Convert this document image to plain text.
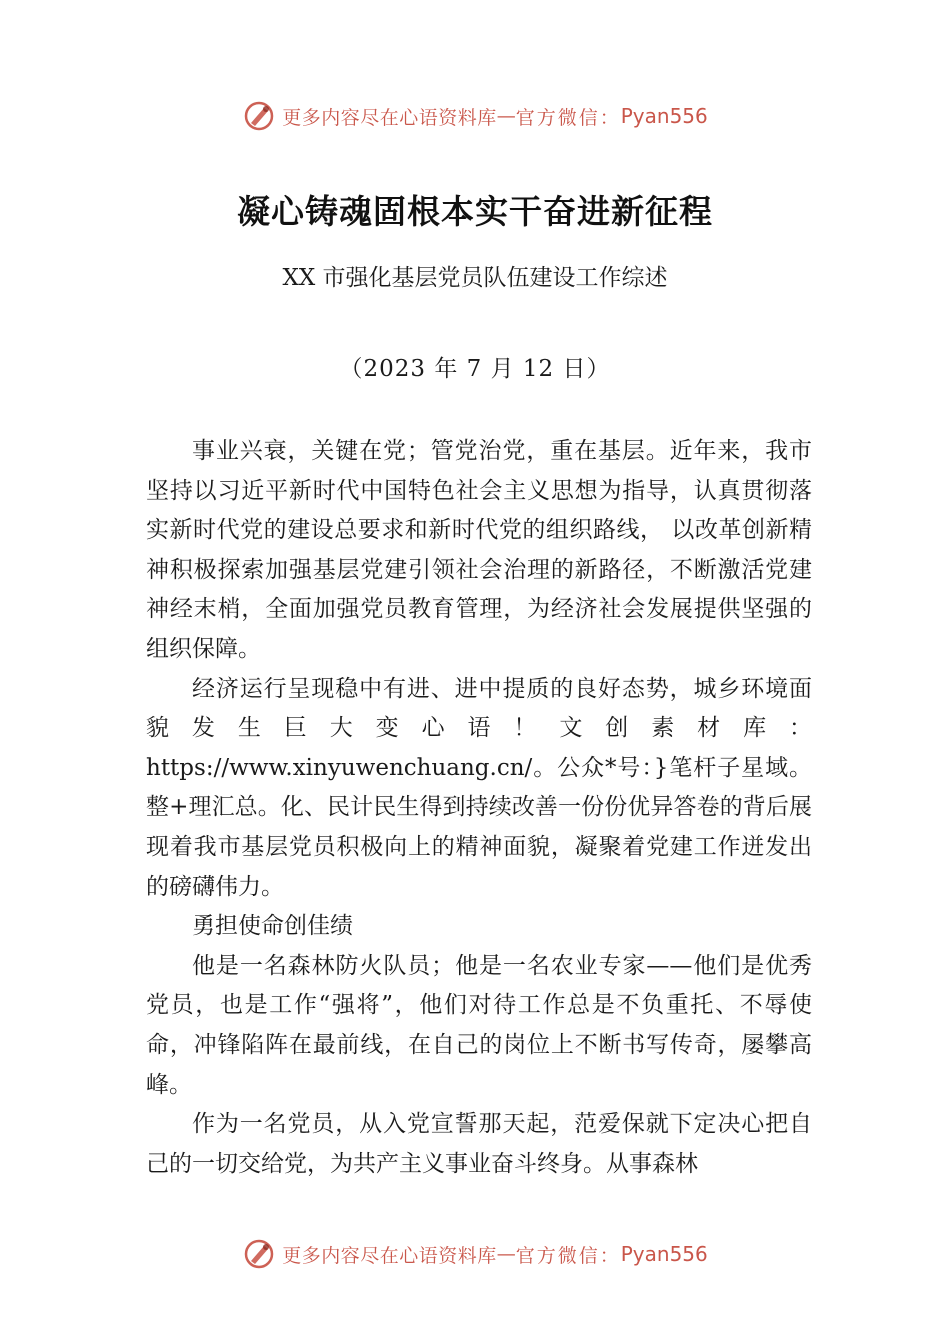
更多内容尽在心语资料库 — 官方微信： Pyan556
凝心铸魂固根本实干奋进新征程
XX 市强化基层党员队伍建设工作综述
（2023 年 7 月 12 日）

事业兴衰，关键在党；管党治党，重在基层。近年来，我市坚持以习近平新时代中国特色社会主义思想为指导，认真贯彻落实新时代党的建设总要求和新时代党的组织路线， 以改革创新精神积极探索加强基层党建引领社会治理的新路径，不断激活党建神经末梢，全面加强党员教育管理，为经济社会发展提供坚强的组织保障。

经济运行呈现稳中有进、进中提质的良好态势，城乡环境面貌发生巨大变心语！文创素材库：https://www.xinyuwenchuang.cn/。公众*号：}笔杆子星域。整+理汇总。化、民计民生得到持续改善一份份优异答卷的背后展现着我市基层党员积极向上的精神面貌，凝聚着党建工作迸发出的磅礴伟力。

勇担使命创佳绩

他是一名森林防火队员；他是一名农业专家——他们是优秀党员，也是工作“强将”，他们对待工作总是不负重托、不辱使命，冲锋陷阵在最前线，在自己的岗位上不断书写传奇，屡攀高峰。

作为一名党员，从入党宣誓那天起，范爱保就下定决心把自己的一切交给党，为共产主义事业奋斗终身。从事森林

更多内容尽在心语资料库 — 官方微信： Pyan556
